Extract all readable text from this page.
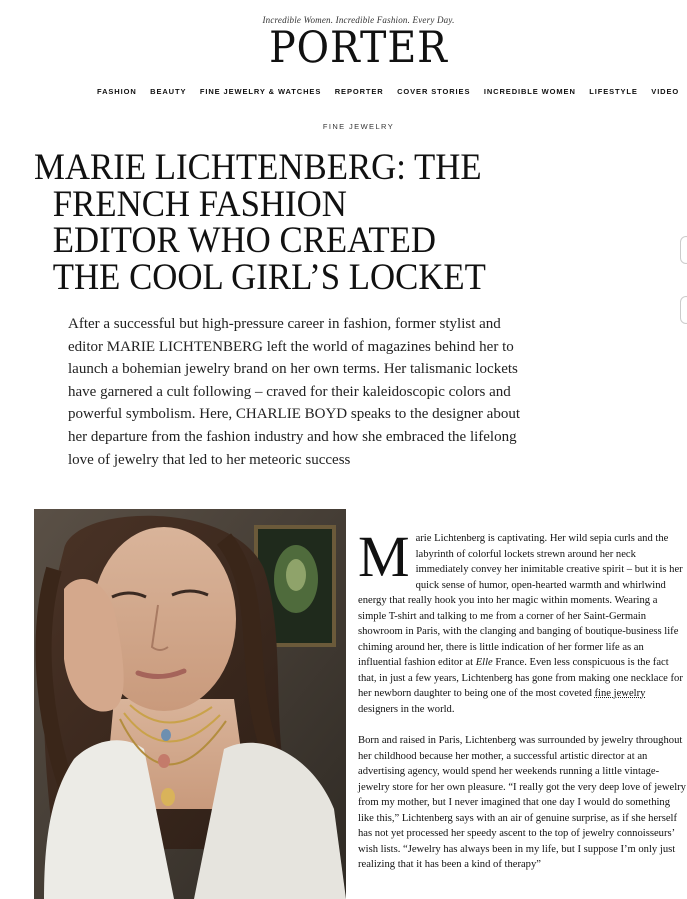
Incredible Women. Incredible Fashion. Every Day.
PORTER
FASHION BEAUTY FINE JEWELRY & WATCHES REPORTER COVER STORIES INCREDIBLE WOMEN LIFESTYLE VIDEO
FINE JEWELRY
MARIE LICHTENBERG: THE
FRENCH FASHION
EDITOR WHO CREATED
THE COOL GIRL’S LOCKET

After a successful but high-pressure career in fashion, former stylist and editor MARIE LICHTENBERG left the world of magazines behind her to launch a bohemian jewelry brand on her own terms. Her talismanic lockets have garnered a cult following – craved for their kaleidoscopic colors and powerful symbolism. Here, CHARLIE BOYD speaks to the designer about her departure from the fashion industry and how she embraced the lifelong love of jewelry that led to her meteoric success

Marie Lichtenberg is captivating. Her wild sepia curls and the labyrinth of colorful lockets strewn around her neck immediately convey her inimitable creative spirit – but it is her quick sense of humor, open-hearted warmth and whirlwind energy that really hook you into her magic within moments. Wearing a simple T-shirt and talking to me from a corner of her Saint-Germain showroom in Paris, with the clanging and banging of boutique-business life chiming around her, there is little indication of her former life as an influential fashion editor at Elle France. Even less conspicuous is the fact that, in just a few years, Lichtenberg has gone from making one necklace for her newborn daughter to being one of the most coveted fine jewelry designers in the world.

Born and raised in Paris, Lichtenberg was surrounded by jewelry throughout her childhood because her mother, a successful artistic director at an advertising agency, would spend her weekends running a little vintage-jewelry store for her own pleasure. “I really got the very deep love of jewelry from my mother, but I never imagined that one day I would do something like this,” Lichtenberg says with an air of genuine surprise, as if she herself has not yet processed her speedy ascent to the top of jewelry connoisseurs’ wish lists. “Jewelry has always been in my life, but I suppose I’m only just realizing that it has been a kind of therapy”
